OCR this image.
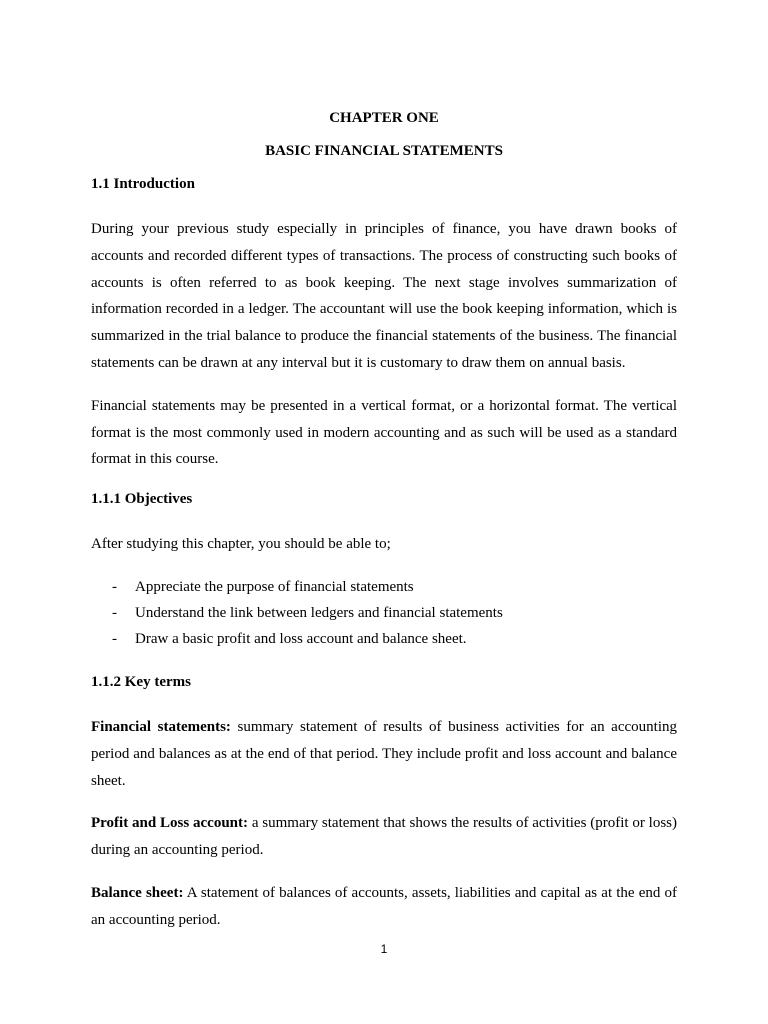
CHAPTER ONE

BASIC FINANCIAL STATEMENTS

1.1 Introduction

During your previous study especially in principles of finance, you have drawn books of accounts and recorded different types of transactions. The process of constructing such books of accounts is often referred to as book keeping. The next stage involves summarization of information recorded in a ledger. The accountant will use the book keeping information, which is summarized in the trial balance to produce the financial statements of the business. The financial statements can be drawn at any interval but it is customary to draw them on annual basis.

Financial statements may be presented in a vertical format, or a horizontal format. The vertical format is the most commonly used in modern accounting and as such will be used as a standard format in this course.

1.1.1 Objectives

After studying this chapter, you should be able to;

- Appreciate the purpose of financial statements
- Understand the link between ledgers and financial statements
- Draw a basic profit and loss account and balance sheet.

1.1.2 Key terms

Financial statements: summary statement of results of business activities for an accounting period and balances as at the end of that period. They include profit and loss account and balance sheet.

Profit and Loss account: a summary statement that shows the results of activities (profit or loss) during an accounting period.

Balance sheet: A statement of balances of accounts, assets, liabilities and capital as at the end of an accounting period.

1
